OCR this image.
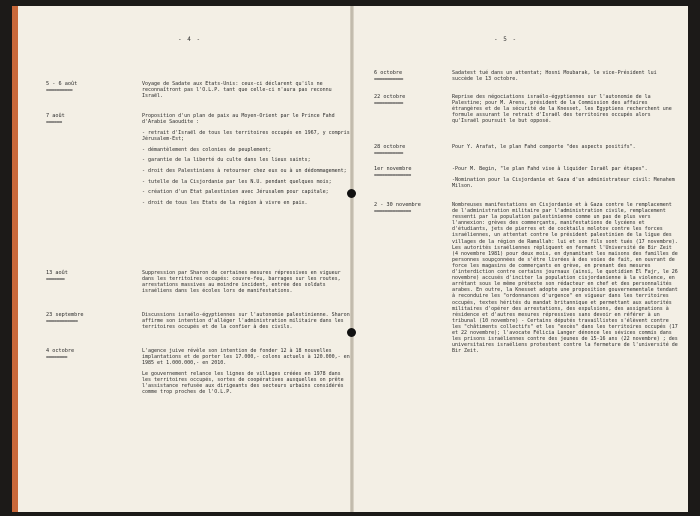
- 4 -
5 - 6 août
==========

Voyage de Sadate aux Etats-Unis: ceux-ci déclarent qu'ils ne reconnaîtront pas l'O.L.P. tant que celle-ci n'aura pas reconnu Israël.

7 août
======

Proposition d'un plan de paix au Moyen-Orient par le Prince Fahd d'Arabie Saoudite :

- retrait d'Israël de tous les territoires occupés en 1967, y compris Jérusalem-Est;

- démantèlement des colonies de peuplement;

- garantie de la liberté du culte dans les lieux saints;

- droit des Palestiniens à retourner chez eux ou à un dédommagement;

- tutelle de la Cisjordanie par les N.U. pendant quelques mois;

- création d'un Etat palestinien avec Jérusalem pour capitale;

- droit de tous les Etats de la région à vivre en paix.

13 août
=======

Suppression par Sharon de certaines mesures répressives en vigueur dans les territoires occupés: couvre-feu, barrages sur les routes, arrestations massives au moindre incident, entrée des soldats israéliens dans les écoles lors de manifestations.

23 septembre
============

Discussions israélo-égyptiennes sur l'autonomie palestinienne. Sharon affirme son intention d'alléger l'administration militaire dans les territoires occupés et de la confier à des civils.

4 octobre
========

L'agence juive révèle son intention de fonder 12 à 18 nouvelles implantations et de porter les 17.000,- colons actuels à 120.000,- en 1985 et 1.000.000,- en 2010.

Le gouvernement relance les lignes de villages créées en 1978 dans les territoires occupés, sortes de coopératives auxquelles on prête l'assistance refusée aux dirigeants des secteurs urbains considérés comme trop proches de l'O.L.P.

- 5 -
6 octobre
===========

Sadatest tué dans un attentat; Hosni Moubarak, le vice-Président lui succède le 13 octobre.

22 octobre
===========

Reprise des négociations israélo-égyptiennes sur l'autonomie de la Palestine; pour M. Arens, président de la Commission des affaires étrangères et de la sécurité de la Knesset, les Egyptiens recherchent une formule assurant le retrait d'Israël des territoires occupés alors qu'Israël poursuit le but opposé.

28 octobre
===========

Pour Y. Arafat, le plan Fahd comporte "des aspects positifs".

1er novembre
==============

-Pour M. Begin, "le plan Fahd vise à liquider Israël par étapes".

-Nomination pour la Cisjordanie et Gaza d'un administrateur civil: Menahem Milson.

2 - 30 novembre
==============

Nombreuses manifestations en Cisjordanie et à Gaza contre le remplacement de l'administration militaire par l'administration civile, remplacement ressenti par la population palestinienne comme un pas de plus vers l'annexion: grèves des commerçants, manifestations de lycéens et d'étudiants, jets de pierres et de cocktails molotov contre les forces israéliennes, un attentat contre le président palestinien de la ligue des villages de la région de Ramallah: lui et son fils sont tués (17 novembre). Les autorités israéliennes répliquent en fermant l'Université de Bir Zeit (4 novembre 1981) pour deux mois, en dynamitant les maisons des familles de personnes soupçonnées de s'être livrées à des voies de fait, en ouvrant de force les magasins de commerçants en grève, en prenant des mesures d'interdiction contre certains journaux (ainsi, le quotidien El Fajr, le 26 novembre) accusés d'inciter la population cisjordanienne à la violence, en arrêtant sous le même prétexte son rédacteur en chef et des personnalités arabes. En outre, la Knesset adopte une proposition gouvernementale tendant à reconduire les "ordonnances d'urgence" en vigueur dans les territoires occupés, textes hérités du mandat britannique et permettant aux autorités militaires d'opérer des arrestations, des expulsions, des assignations à résidence et d'autres mesures répressives sans devoir en référer à un tribunal (10 novembre) - Certains députés travaillistes s'élèvent contre les "châtiments collectifs" et les "excès" dans les territoires occupés (17 et 22 novembre); l'avocate Félicia Langer dénonce les sévices commis dans les prisons israéliennes contre des jeunes de 15-16 ans (22 novembre) ; des universitaires israéliens protestent contre la fermeture de l'université de Bir Zeit.
